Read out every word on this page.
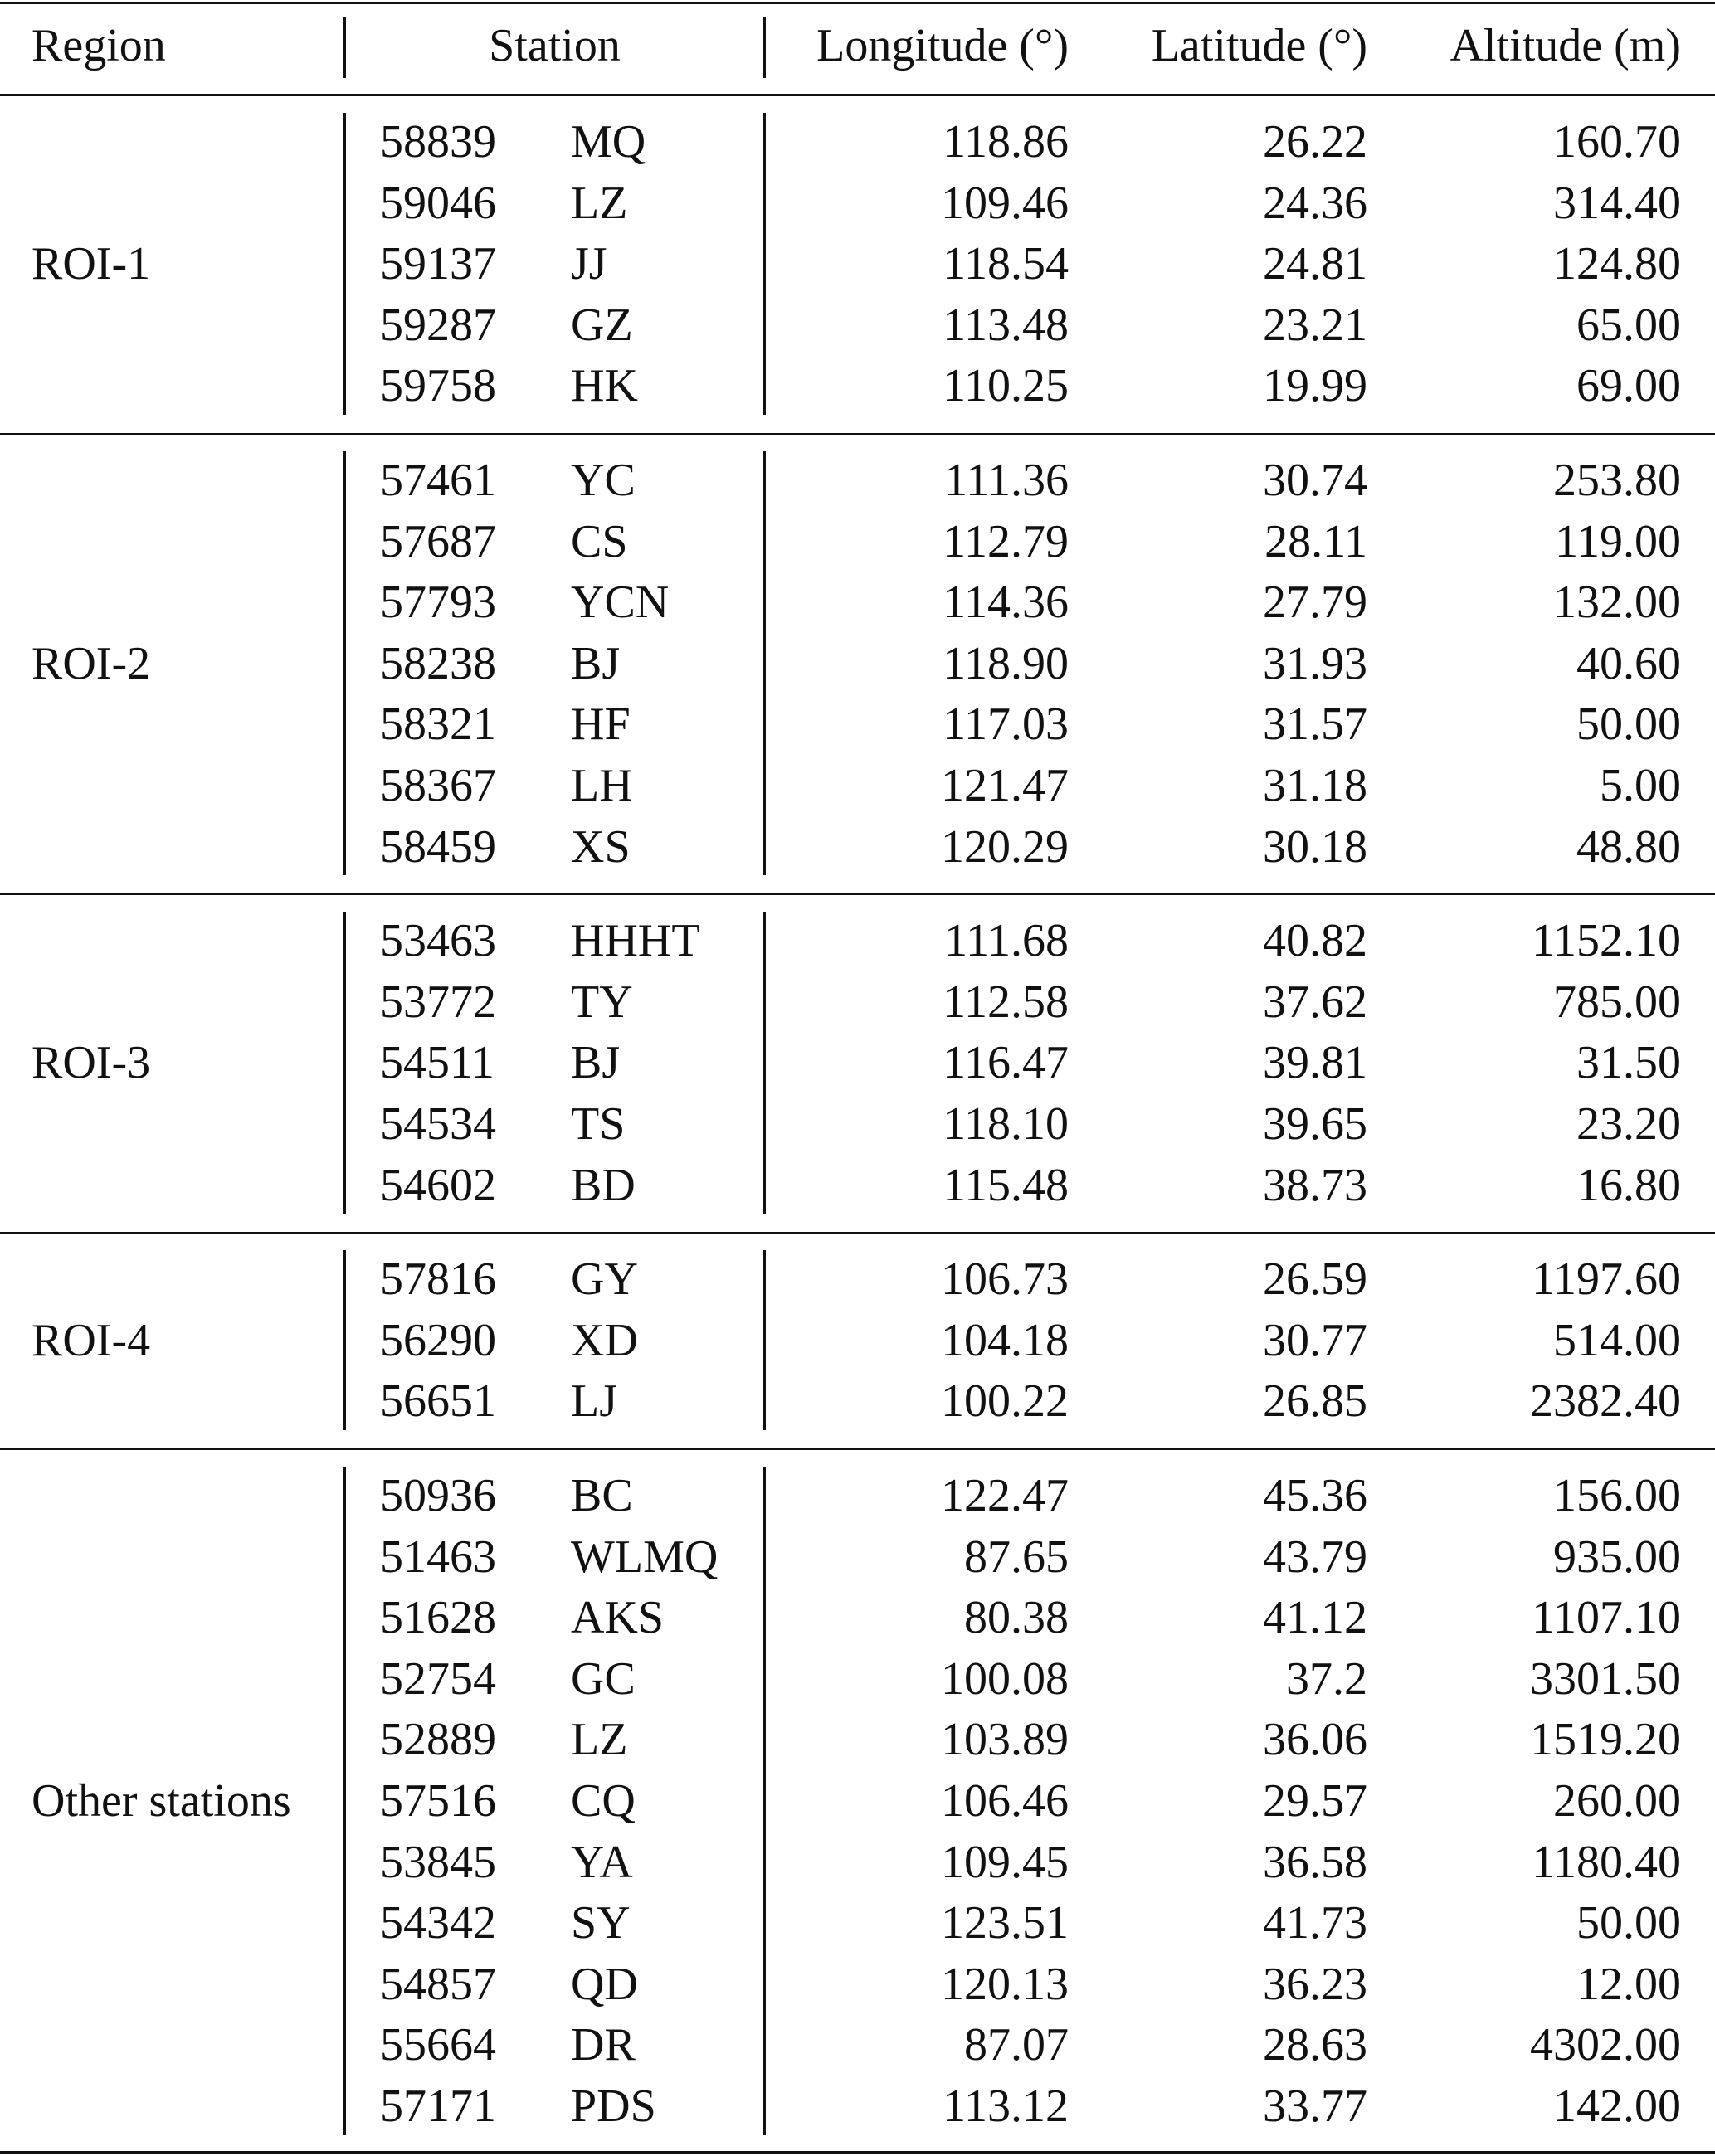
Region	Station	Longitude (°)	Latitude (°)	Altitude (m)
ROI-1
58839 MQ	118.86	26.22	160.70
59046 LZ	109.46	24.36	314.40
59137 JJ	118.54	24.81	124.80
59287 GZ	113.48	23.21	65.00
59758 HK	110.25	19.99	69.00
ROI-2
57461 YC	111.36	30.74	253.80
57687 CS	112.79	28.11	119.00
57793 YCN	114.36	27.79	132.00
58238 BJ	118.90	31.93	40.60
58321 HF	117.03	31.57	50.00
58367 LH	121.47	31.18	5.00
58459 XS	120.29	30.18	48.80
ROI-3
53463 HHHT	111.68	40.82	1152.10
53772 TY	112.58	37.62	785.00
54511 BJ	116.47	39.81	31.50
54534 TS	118.10	39.65	23.20
54602 BD	115.48	38.73	16.80
ROI-4
57816 GY	106.73	26.59	1197.60
56290 XD	104.18	30.77	514.00
56651 LJ	100.22	26.85	2382.40
Other stations
50936 BC	122.47	45.36	156.00
51463 WLMQ	87.65	43.79	935.00
51628 AKS	80.38	41.12	1107.10
52754 GC	100.08	37.2	3301.50
52889 LZ	103.89	36.06	1519.20
57516 CQ	106.46	29.57	260.00
53845 YA	109.45	36.58	1180.40
54342 SY	123.51	41.73	50.00
54857 QD	120.13	36.23	12.00
55664 DR	87.07	28.63	4302.00
57171 PDS	113.12	33.77	142.00
